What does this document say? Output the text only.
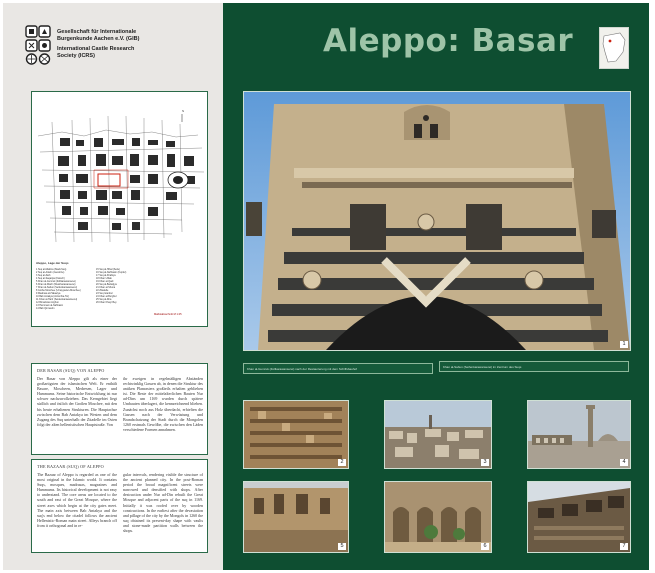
Gesellschaft für Internationale
Burgenkunde Aachen e.V. (GIB)
International Castle Research
Society (ICRS)
N
Aleppo, Lage der Suqs
1 Suq al-Madina (Stadt-Suq)
2 Suq al-Attarin (Gewürze)
3 Suq al-Zarb
4 Suq al-Saqatiya (Fleisch)
5 Khan al-Gumruk (Zollkarawanserei)
6 Khan al-Wazir (Wesirkarawanserei)
7 Khan al-Sabun (Seifenkarawanserei)
8 Große Moschee (Umayyaden-Moschee)
9 Madrasa al-Halawiya
10 Bab Antakya (Antiochia-Tor)
11 Khan al-Harir (Seidenkarawanserei)
12 Bimaristan Arghun
13 Hammam al-Nahhasin
14 Bab Qinnasrin
15 Suq al-Hibal (Seile)
16 Suq al-Nahhasin (Kupfer)
17 Suq al-Khabiya
18 Khan Ulbak
19 Khan al-Qadi
20 Suq al-Bazarjiya
21 Khan al-Shuna
22 Zitadelle
23 Suq Istanbul
24 Khan al-Burghul
25 Suq al-Dira
26 Khan Khayr Bey
Maßstabsschnitt M 1:25
DER BASAR (SUQ) VON ALEPPO

Der Basar von Aleppo gilt als einer der großartigsten der islamischen Welt. Er enthält Basare, Moscheen, Medresen, Lager und Hammams. Seine historische Entwicklung ist nur schwer nachzuvollziehen. Das Kerngebiet liegt südlich und östlich der Großen Moschee, mit den bis heute erhaltenen Strukturen. Die Hauptachse zwischen dem Bab Antakya im Westen und dem Zugang des Suq unterhalb der Zitadelle im Osten folgt der alten hellenistischen Hauptstraße. Von

ihr zweigen in regelmäßigen Abständen rechtwinklig Gassen ab, in denen die Struktur des antiken Planrasters großteils erhalten geblieben ist. Die Reste der mittelalterlichen Bauten Nur ad-Dins um 1169 wurden durch spätere Umbauten überlagert, die kennzeichnend blieben. Zunächst noch aus Holz überdacht, erhielten die Gassen nach der Verwüstung und Brandschatzung der Stadt durch die Mongolen 1260 erstmals Gewölbe, die zwischen den Läden verschiedene Formen annahmen.

THE BAZAAR (SUQ) OF ALEPPO

The Bazaar of Aleppo is regarded as one of the most original in the Islamic world. It contains Suqs, mosques, madrasas, magazines and Hammams. Its historical development is not easy to understand. The core areas are located to the south and east of the Great Mosque, where the street axes which begin at the city gates meet. The main axis between Bab Antakya and the suq's end below the citadel follows the ancient Hellenistic-Roman main street. Alleys branch off from it orthogonal and in re-

gular intervals, rendering visible the structure of the ancient planned city. In the post-Roman period the broad magnificent streets were narrowed and densified with shops. After destruction under Nur ad-Din rebuilt the Great Mosque and adjacent parts of the suq in 1169. Initially it was roofed over by wooden constructions. In the earliest after the devastation and pillage of the city by the Mongols in 1260 the suq obtained its present-day shape with vaults and stone-made partition walls between the shops.

Aleppo: Basar
1
Khan al-Gumruk (Zollkarawanserei) nach der Restaurierung mit dem Schiffsbauhof	Khan al-Sabun (Seifenkarawanserei) im Zentrum des Suqs
2	3	4
5	6	7
